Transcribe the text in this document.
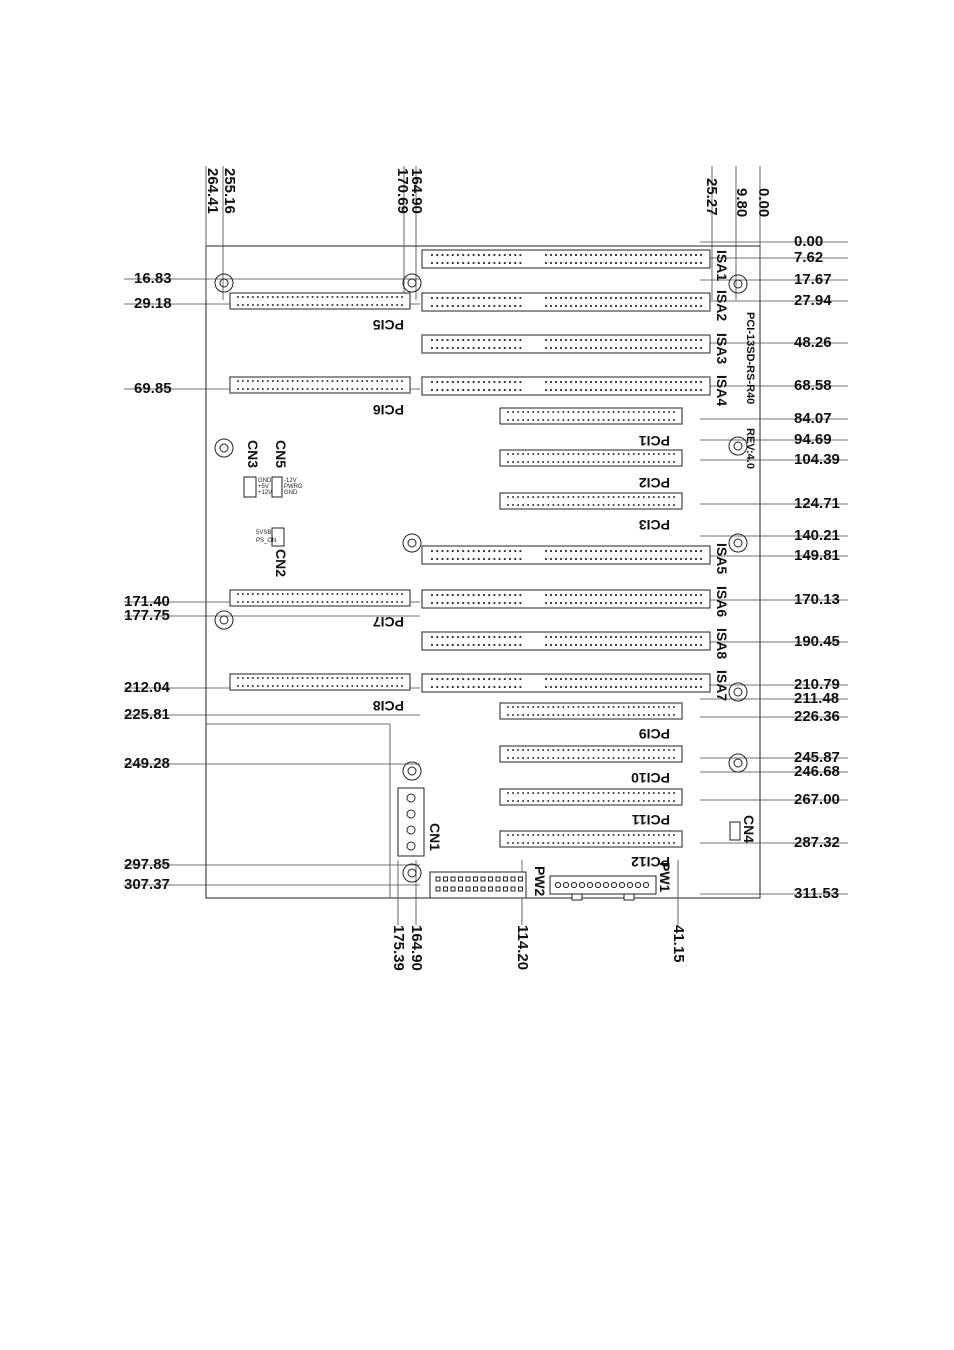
0.00
7.62
17.67
27.94
48.26
68.58
84.07
94.69
104.39
124.71
140.21
149.81
170.13
190.45
210.79
211.48
226.36
245.87
246.68
267.00
287.32
311.53
16.83
29.18
69.85
171.40
177.75
212.04
225.81
249.28
297.85
307.37
264.41 255.16	170.69
164.90	25.27 9.80 0.00
175.39 164.90	114.20	41.15
ISA1
ISA2
ISA3
ISA4
ISA5
ISA6
ISA8
ISA7
PCI-13SD-RS-R40
REV:4.0
PCI1
PCI2
PCI3
PCI9
PCI10
PCI11
PCI12
PCI5
PCI6
PCI7
PCI8
CN1
CN2
CN3
CN4
CN5
PW1
PW2
GND
+5V
+12V
-12V
PWRG
GND
5VSB
PS_ON
